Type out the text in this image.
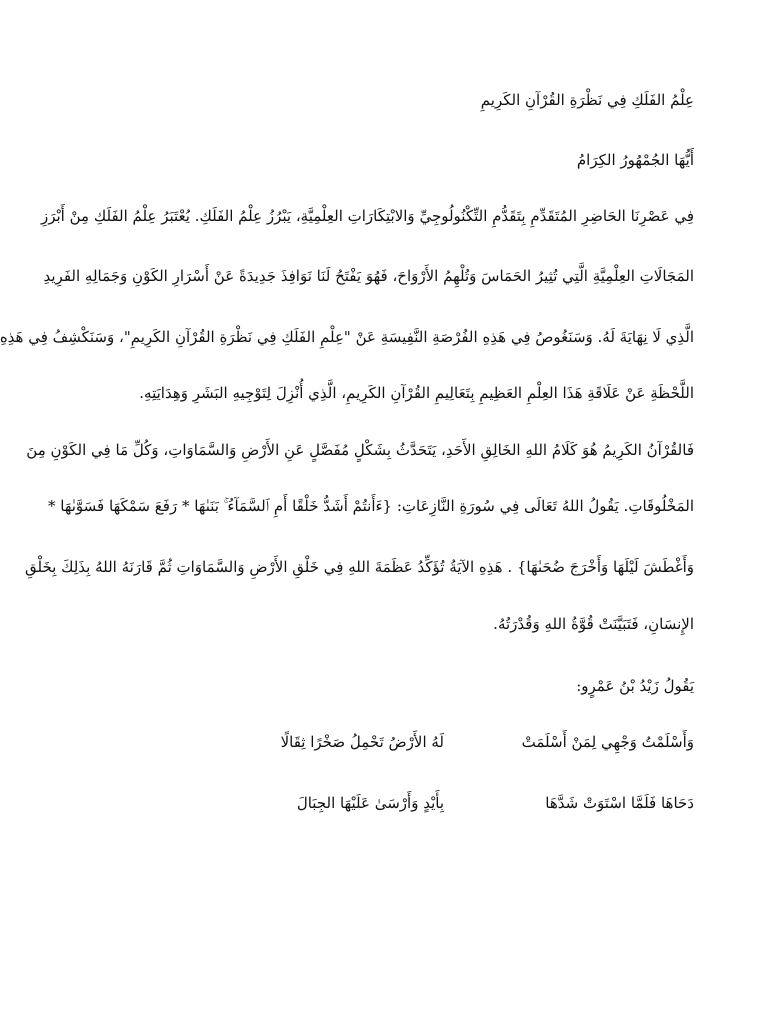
عِلْمُ الفَلَكِ فِي نَظْرَةِ القُرْآنِ الكَرِيمِ
أَيُّهَا الجُمْهُورُ الكِرَامُ
فِي عَصْرِنَا الحَاضِرِ المُتَقَدِّمِ بِتَقَدُّمِ التِّكْنُولُوجِيِّ وَالابْتِكَارَاتِ العِلْمِيَّةِ، يَبْرُزُ عِلْمُ الفَلَكِ. يُعْتَبَرُ عِلْمُ الفَلَكِ مِنْ أَبْرَزِ
المَجَالَاتِ العِلْمِيَّةِ الَّتِي تُثِيرُ الحَمَاسَ وَتُلْهِمُ الأَرْوَاحَ، فَهُوَ يَفْتَحُ لَنَا نَوَافِذَ جَدِيدَةً عَنْ أَسْرَارِ الكَوْنِ وَجَمَالِهِ الفَرِيدِ
الَّذِي لَا نِهَايَةَ لَهُ. وَسَنَغُوصُ فِي هَذِهِ الفُرْصَةِ النَّفِيسَةِ عَنْ "عِلْمِ الفَلَكِ فِي نَظْرَةِ القُرْآنِ الكَرِيمِ"، وَسَنَكْشِفُ فِي هَذِهِ
اللَّحْظَةِ عَنْ عَلَاقَةِ هَذَا العِلْمِ العَظِيمِ بِتَعَالِيمِ القُرْآنِ الكَرِيمِ، الَّذِي أُنْزِلَ لِتَوْجِيهِ البَشَرِ وَهِدَايَتِهِ.
فَالقُرْآنُ الكَرِيمُ هُوَ كَلَامُ اللهِ الخَالِقِ الأَحَدِ، يَتَحَدَّثُ بِشَكْلٍ مُفَصَّلٍ عَنِ الأَرْضِ وَالسَّمَاوَاتِ، وَكُلِّ مَا فِي الكَوْنِ مِنَ
المَخْلُوقَاتِ. يَقُولُ اللهُ تَعَالَى فِي سُورَةِ النَّازِعَاتِ: {ءَأَنتُمْ أَشَدُّ خَلْقًا أَمِ ٱلسَّمَآءُ ۚ بَنَىٰهَا * رَفَعَ سَمْكَهَا فَسَوَّىٰهَا *
وَأَغْطَشَ لَيْلَهَا وَأَخْرَجَ ضُحَىٰهَا} . هَذِهِ الآيَةُ تُؤَكِّدُ عَظَمَةَ اللهِ فِي خَلْقِ الأَرْضِ وَالسَّمَاوَاتِ ثُمَّ قَارَنَهُ اللهُ بِذَلِكَ بِخَلْقِ
الإِنسَانِ، فَتَبَيَّنَتْ قُوَّةُ اللهِ وَقُدْرَتُهُ.
يَقُولُ زَيْدُ بْنُ عَمْرٍو:
وَأَسْلَمْتُ وَجْهِي لِمَنْ أَسْلَمَتْ
لَهُ الأَرْضُ تَحْمِلُ صَخْرًا ثِقَالًا
دَحَاهَا فَلَمَّا اسْتَوَتْ شَدَّهَا
بِأَيْدٍ وَأَرْسَىٰ عَلَيْهَا الجِبَالَ
